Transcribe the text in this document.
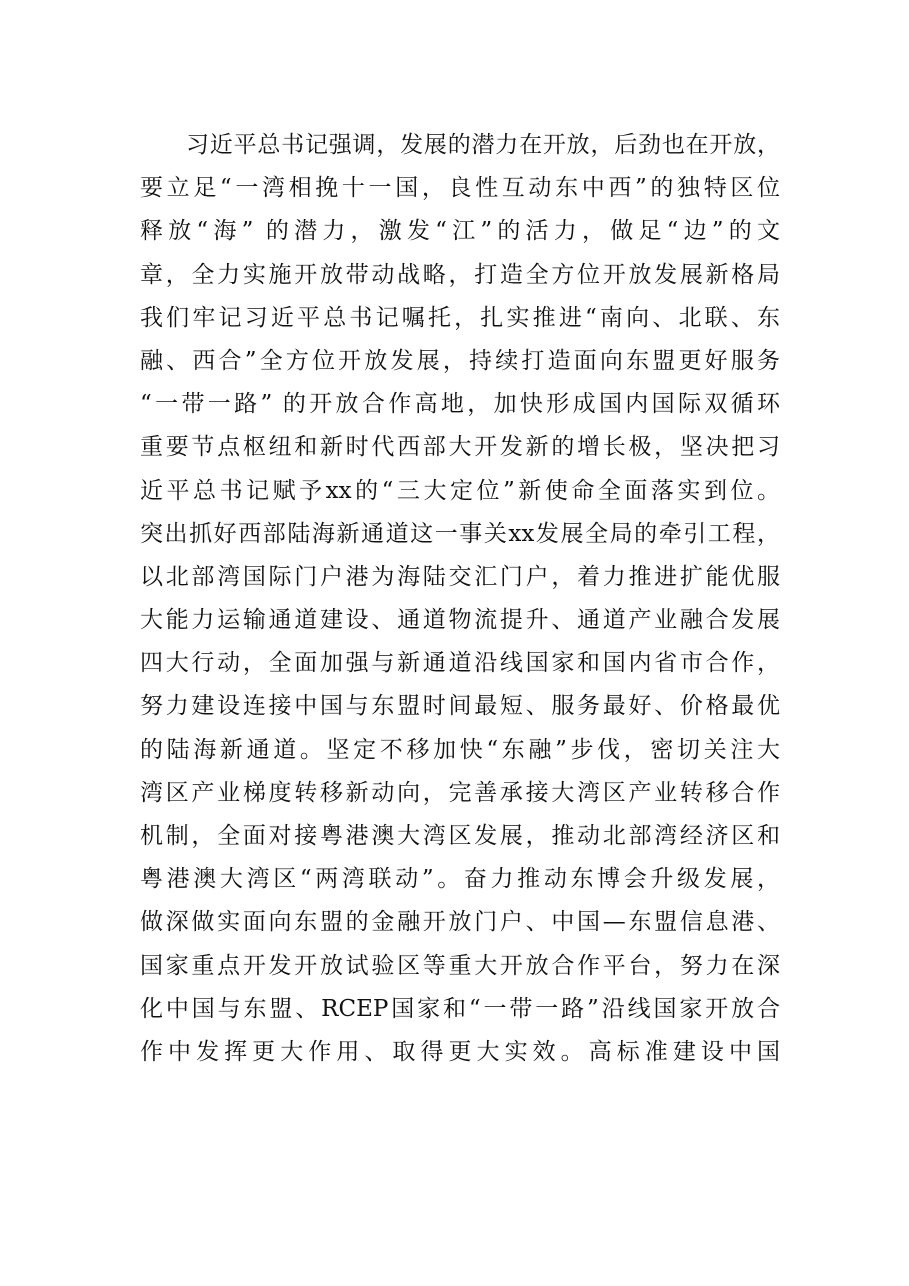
习近平总书记强调，发展的潜力在开放，后劲也在开放，
要立足“一湾相挽十一国，良性互动东中西”的独特区位
释放“海” 的潜力，激发“江”的活力，做足“边”的文
章，全力实施开放带动战略，打造全方位开放发展新格局
我们牢记习近平总书记嘱托，扎实推进“南向、北联、东
融、西合”全方位开放发展，持续打造面向东盟更好服务
“一带一路” 的开放合作高地，加快形成国内国际双循环
重要节点枢纽和新时代西部大开发新的增长极，坚决把习
近平总书记赋予xx的“三大定位”新使命全面落实到位。
突出抓好西部陆海新通道这一事关xx发展全局的牵引工程，
以北部湾国际门户港为海陆交汇门户，着力推进扩能优服
大能力运输通道建设、通道物流提升、通道产业融合发展
四大行动，全面加强与新通道沿线国家和国内省市合作，
努力建设连接中国与东盟时间最短、服务最好、价格最优
的陆海新通道。坚定不移加快“东融”步伐，密切关注大
湾区产业梯度转移新动向，完善承接大湾区产业转移合作
机制，全面对接粤港澳大湾区发展，推动北部湾经济区和
粤港澳大湾区“两湾联动”。奋力推动东博会升级发展，
做深做实面向东盟的金融开放门户、中国—东盟信息港、
国家重点开发开放试验区等重大开放合作平台，努力在深
化中国与东盟、RCEP国家和“一带一路”沿线国家开放合
作中发挥更大作用、取得更大实效。高标准建设中国
